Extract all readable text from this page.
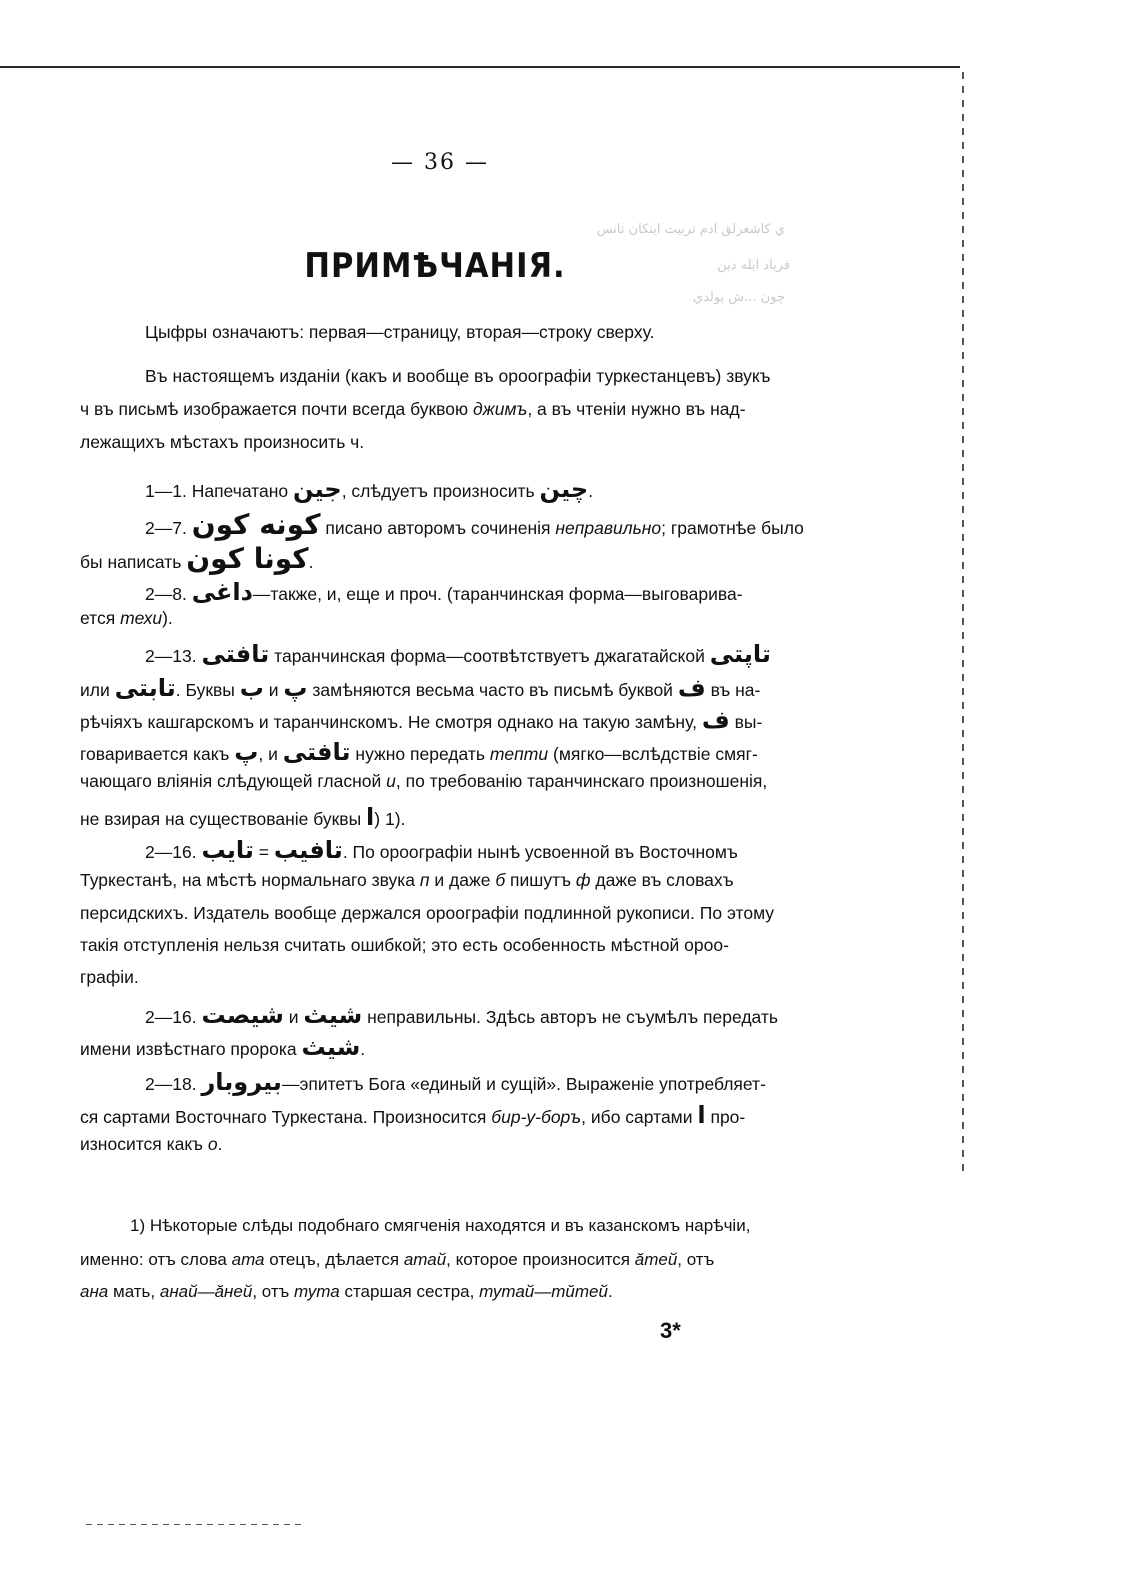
— 36 —
ي كاشغرلق آدم تربيت ايتكان تانس
فرياد ايله دين
چون ...ش بولدي
ПРИМѢЧАНІЯ.
Цыфры означаютъ: первая—страницу, вторая—строку сверху.
Въ настоящемъ изданіи (какъ и вообще въ ороографіи туркестанцевъ) звукъ
ч въ письмѣ изображается почти всегда буквою джимъ, а въ чтеніи нужно въ над-
лежащихъ мѣстахъ произносить ч.
1—1. Напечатано جين, слѣдуетъ произносить چين.
2—7. كونه كون писано авторомъ сочиненія неправильно; грамотнѣе было
бы написать كونا كون.
2—8. داغى—также, и, еще и проч. (таранчинская форма—выговарива-
ется техи).
2—13. تافتى таранчинская форма—соотвѣтствуетъ джагатайской تاپتى
или تابتى. Буквы ب и پ замѣняются весьма часто въ письмѣ буквой ف въ на-
рѣчіяхъ кашгарскомъ и таранчинскомъ. Не смотря однако на такую замѣну, ف вы-
говаривается какъ پ, и تافتى нужно передать тепти (мягко—вслѣдствіе смяг-
чающаго вліянія слѣдующей гласной и, по требованію таранчинскаго произношенія,
не взирая на существованіе буквы ا) 1).
2—16. تايب = تافيب. По ороографіи нынѣ усвоенной въ Восточномъ
Туркестанѣ, на мѣстѣ нормальнаго звука п и даже б пишутъ ф даже въ словахъ
персидскихъ. Издатель вообще держался ороографіи подлинной рукописи. По этому
такія отступленія нельзя считать ошибкой; это есть особенность мѣстной ороо-
графіи.
2—16. شيصت и شيث неправильны. Здѣсь авторъ не съумѣлъ передать
имени извѣстнаго пророка شيث.
2—18. بيروبار—эпитетъ Бога «единый и сущій». Выраженіе употребляет-
ся сартами Восточнаго Туркестана. Произносится бир-у-боръ, ибо сартами ا про-
износится какъ о.
1) Нѣкоторые слѣды подобнаго смягченія находятся и въ казанскомъ нарѣчіи,
именно: отъ слова ата отецъ, дѣлается атай, которое произносится ăтей, отъ
ана мать, анай—ăней, отъ тута старшая сестра, тутай—тŭтей.
3*
